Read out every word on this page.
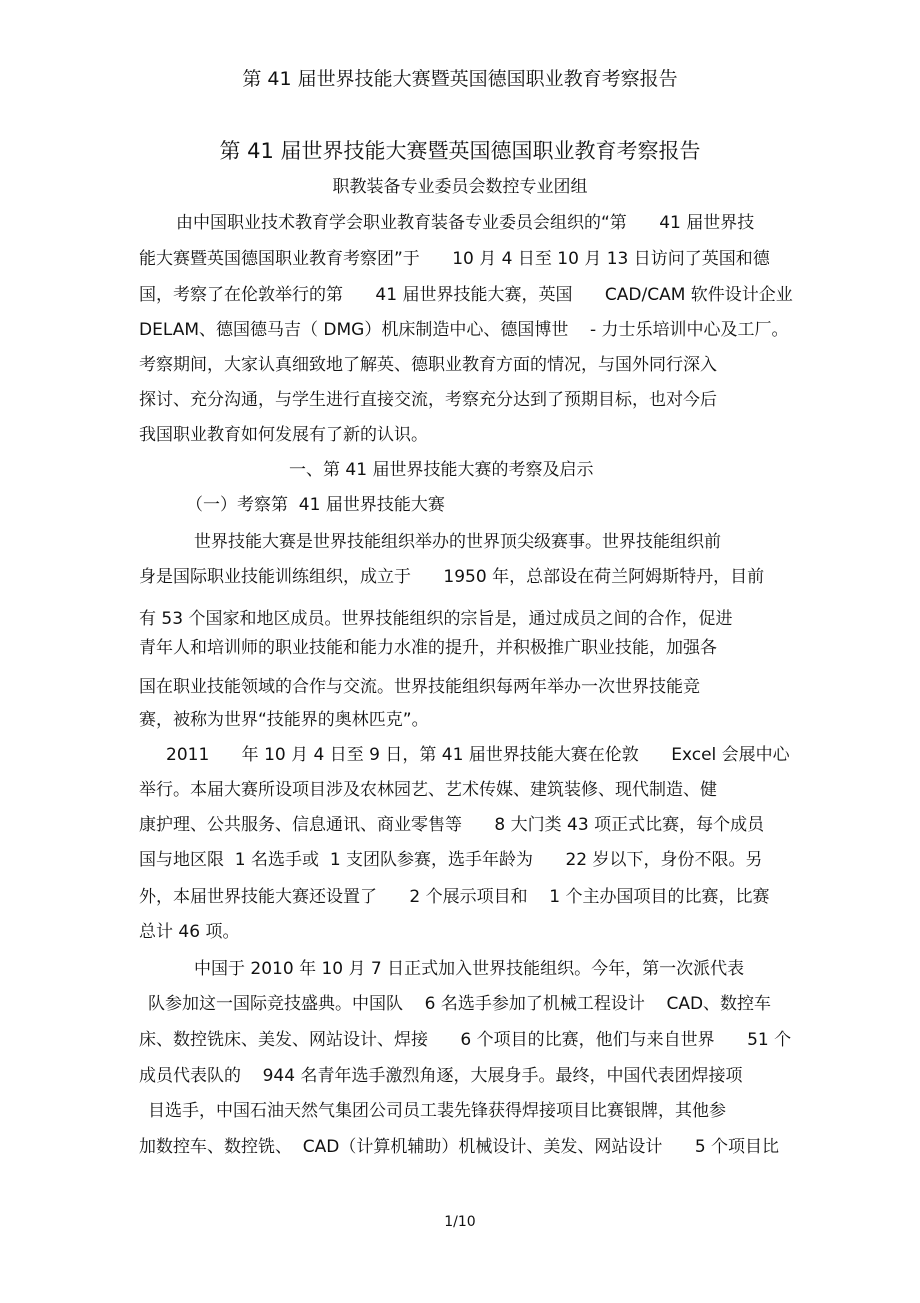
第 41 届世界技能大赛暨英国德国职业教育考察报告
第 41 届世界技能大赛暨英国德国职业教育考察报告
职教装备专业委员会数控专业团组
由中国职业技术教育学会职业教育装备专业委员会组织的“第      41 届世界技
能大赛暨英国德国职业教育考察团”于      10 月 4 日至 10 月 13 日访问了英国和德
国，考察了在伦敦举行的第      41 届世界技能大赛，英国      CAD/CAM 软件设计企业
DELAM、德国德马吉（ DMG）机床制造中心、德国博世    - 力士乐培训中心及工厂。
考察期间，大家认真细致地了解英、德职业教育方面的情况，与国外同行深入
探讨、充分沟通，与学生进行直接交流，考察充分达到了预期目标，也对今后
我国职业教育如何发展有了新的认识。
一、第 41 届世界技能大赛的考察及启示
（一）考察第  41 届世界技能大赛
世界技能大赛是世界技能组织举办的世界顶尖级赛事。世界技能组织前
身是国际职业技能训练组织，成立于      1950 年，总部设在荷兰阿姆斯特丹，目前
有 53 个国家和地区成员。世界技能组织的宗旨是，通过成员之间的合作，促进
青年人和培训师的职业技能和能力水准的提升，并积极推广职业技能，加强各
国在职业技能领域的合作与交流。世界技能组织每两年举办一次世界技能竞
赛，被称为世界“技能界的奥林匹克”。
2011      年 10 月 4 日至 9 日，第 41 届世界技能大赛在伦敦      Excel 会展中心
举行。本届大赛所设项目涉及农林园艺、艺术传媒、建筑装修、现代制造、健
康护理、公共服务、信息通讯、商业零售等      8 大门类 43 项正式比赛，每个成员
国与地区限  1 名选手或  1 支团队参赛，选手年龄为      22 岁以下，身份不限。另
外，本届世界技能大赛还设置了      2 个展示项目和    1 个主办国项目的比赛，比赛
总计 46 项。
中国于 2010 年 10 月 7 日正式加入世界技能组织。今年，第一次派代表
队参加这一国际竞技盛典。中国队    6 名选手参加了机械工程设计    CAD、数控车
床、数控铣床、美发、网站设计、焊接      6 个项目的比赛，他们与来自世界      51 个
成员代表队的    944 名青年选手激烈角逐，大展身手。最终，中国代表团焊接项
目选手，中国石油天然气集团公司员工裴先锋获得焊接项目比赛银牌，其他参
加数控车、数控铣、  CAD（计算机辅助）机械设计、美发、网站设计      5 个项目比
1/10
